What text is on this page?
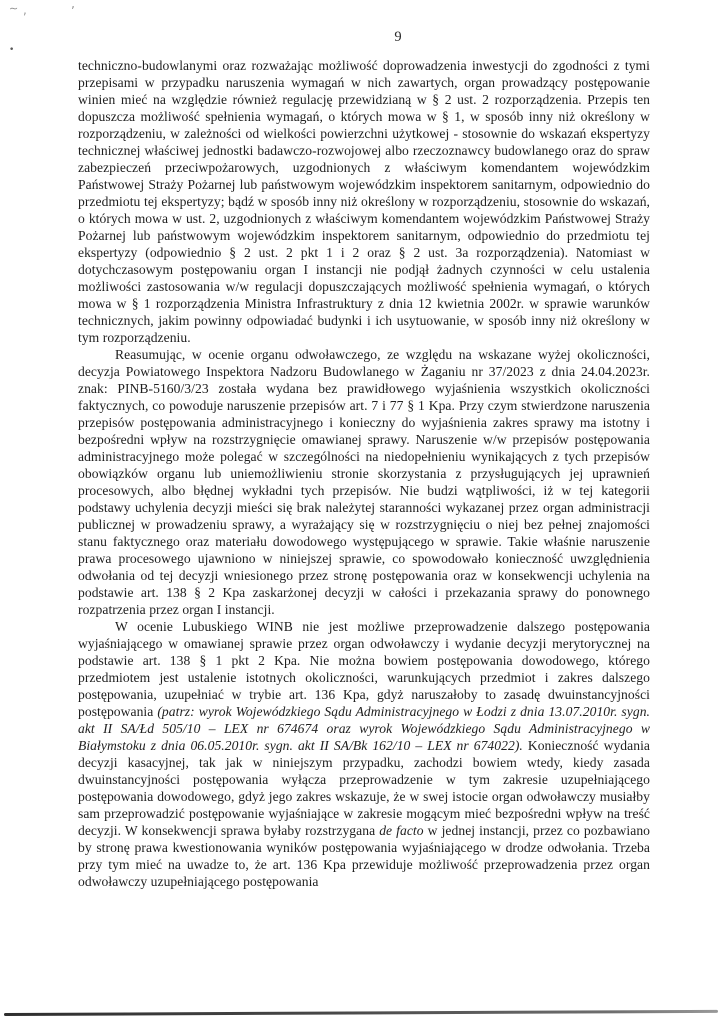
9

techniczno-budowlanymi oraz rozważając możliwość doprowadzenia inwestycji do zgodności z tymi przepisami w przypadku naruszenia wymagań w nich zawartych, organ prowadzący postępowanie winien mieć na względzie również regulację przewidzianą w § 2 ust. 2 rozporządzenia. Przepis ten dopuszcza możliwość spełnienia wymagań, o których mowa w § 1, w sposób inny niż określony w rozporządzeniu, w zależności od wielkości powierzchni użytkowej - stosownie do wskazań ekspertyzy technicznej właściwej jednostki badawczo-rozwojowej albo rzeczoznawcy budowlanego oraz do spraw zabezpieczeń przeciwpożarowych, uzgodnionych z właściwym komendantem wojewódzkim Państwowej Straży Pożarnej lub państwowym wojewódzkim inspektorem sanitarnym, odpowiednio do przedmiotu tej ekspertyzy; bądź w sposób inny niż określony w rozporządzeniu, stosownie do wskazań, o których mowa w ust. 2, uzgodnionych z właściwym komendantem wojewódzkim Państwowej Straży Pożarnej lub państwowym wojewódzkim inspektorem sanitarnym, odpowiednio do przedmiotu tej ekspertyzy (odpowiednio § 2 ust. 2 pkt 1 i 2 oraz § 2 ust. 3a rozporządzenia). Natomiast w dotychczasowym postępowaniu organ I instancji nie podjął żadnych czynności w celu ustalenia możliwości zastosowania w/w regulacji dopuszczających możliwość spełnienia wymagań, o których mowa w § 1 rozporządzenia Ministra Infrastruktury z dnia 12 kwietnia 2002r. w sprawie warunków technicznych, jakim powinny odpowiadać budynki i ich usytuowanie, w sposób inny niż określony w tym rozporządzeniu.

Reasumując, w ocenie organu odwoławczego, ze względu na wskazane wyżej okoliczności, decyzja Powiatowego Inspektora Nadzoru Budowlanego w Żaganiu nr 37/2023 z dnia 24.04.2023r. znak: PINB-5160/3/23 została wydana bez prawidłowego wyjaśnienia wszystkich okoliczności faktycznych, co powoduje naruszenie przepisów art. 7 i 77 § 1 Kpa. Przy czym stwierdzone naruszenia przepisów postępowania administracyjnego i konieczny do wyjaśnienia zakres sprawy ma istotny i bezpośredni wpływ na rozstrzygnięcie omawianej sprawy. Naruszenie w/w przepisów postępowania administracyjnego może polegać w szczególności na niedopełnieniu wynikających z tych przepisów obowiązków organu lub uniemożliwieniu stronie skorzystania z przysługujących jej uprawnień procesowych, albo błędnej wykładni tych przepisów. Nie budzi wątpliwości, iż w tej kategorii podstawy uchylenia decyzji mieści się brak należytej staranności wykazanej przez organ administracji publicznej w prowadzeniu sprawy, a wyrażający się w rozstrzygnięciu o niej bez pełnej znajomości stanu faktycznego oraz materiału dowodowego występującego w sprawie. Takie właśnie naruszenie prawa procesowego ujawniono w niniejszej sprawie, co spowodowało konieczność uwzględnienia odwołania od tej decyzji wniesionego przez stronę postępowania oraz w konsekwencji uchylenia na podstawie art. 138 § 2 Kpa zaskarżonej decyzji w całości i przekazania sprawy do ponownego rozpatrzenia przez organ I instancji.

W ocenie Lubuskiego WINB nie jest możliwe przeprowadzenie dalszego postępowania wyjaśniającego w omawianej sprawie przez organ odwoławczy i wydanie decyzji merytorycznej na podstawie art. 138 § 1 pkt 2 Kpa. Nie można bowiem postępowania dowodowego, którego przedmiotem jest ustalenie istotnych okoliczności, warunkujących przedmiot i zakres dalszego postępowania, uzupełniać w trybie art. 136 Kpa, gdyż naruszałoby to zasadę dwuinstancyjności postępowania (patrz: wyrok Wojewódzkiego Sądu Administracyjnego w Łodzi z dnia 13.07.2010r. sygn. akt II SA/Łd 505/10 – LEX nr 674674 oraz wyrok Wojewódzkiego Sądu Administracyjnego w Białymstoku z dnia 06.05.2010r. sygn. akt II SA/Bk 162/10 – LEX nr 674022). Konieczność wydania decyzji kasacyjnej, tak jak w niniejszym przypadku, zachodzi bowiem wtedy, kiedy zasada dwuinstancyjności postępowania wyłącza przeprowadzenie w tym zakresie uzupełniającego postępowania dowodowego, gdyż jego zakres wskazuje, że w swej istocie organ odwoławczy musiałby sam przeprowadzić postępowanie wyjaśniające w zakresie mogącym mieć bezpośredni wpływ na treść decyzji. W konsekwencji sprawa byłaby rozstrzygana de facto w jednej instancji, przez co pozbawiano by stronę prawa kwestionowania wyników postępowania wyjaśniającego w drodze odwołania. Trzeba przy tym mieć na uwadze to, że art. 136 Kpa przewiduje możliwość przeprowadzenia przez organ odwoławczy uzupełniającego postępowania

∼ ,	ʼ
•
